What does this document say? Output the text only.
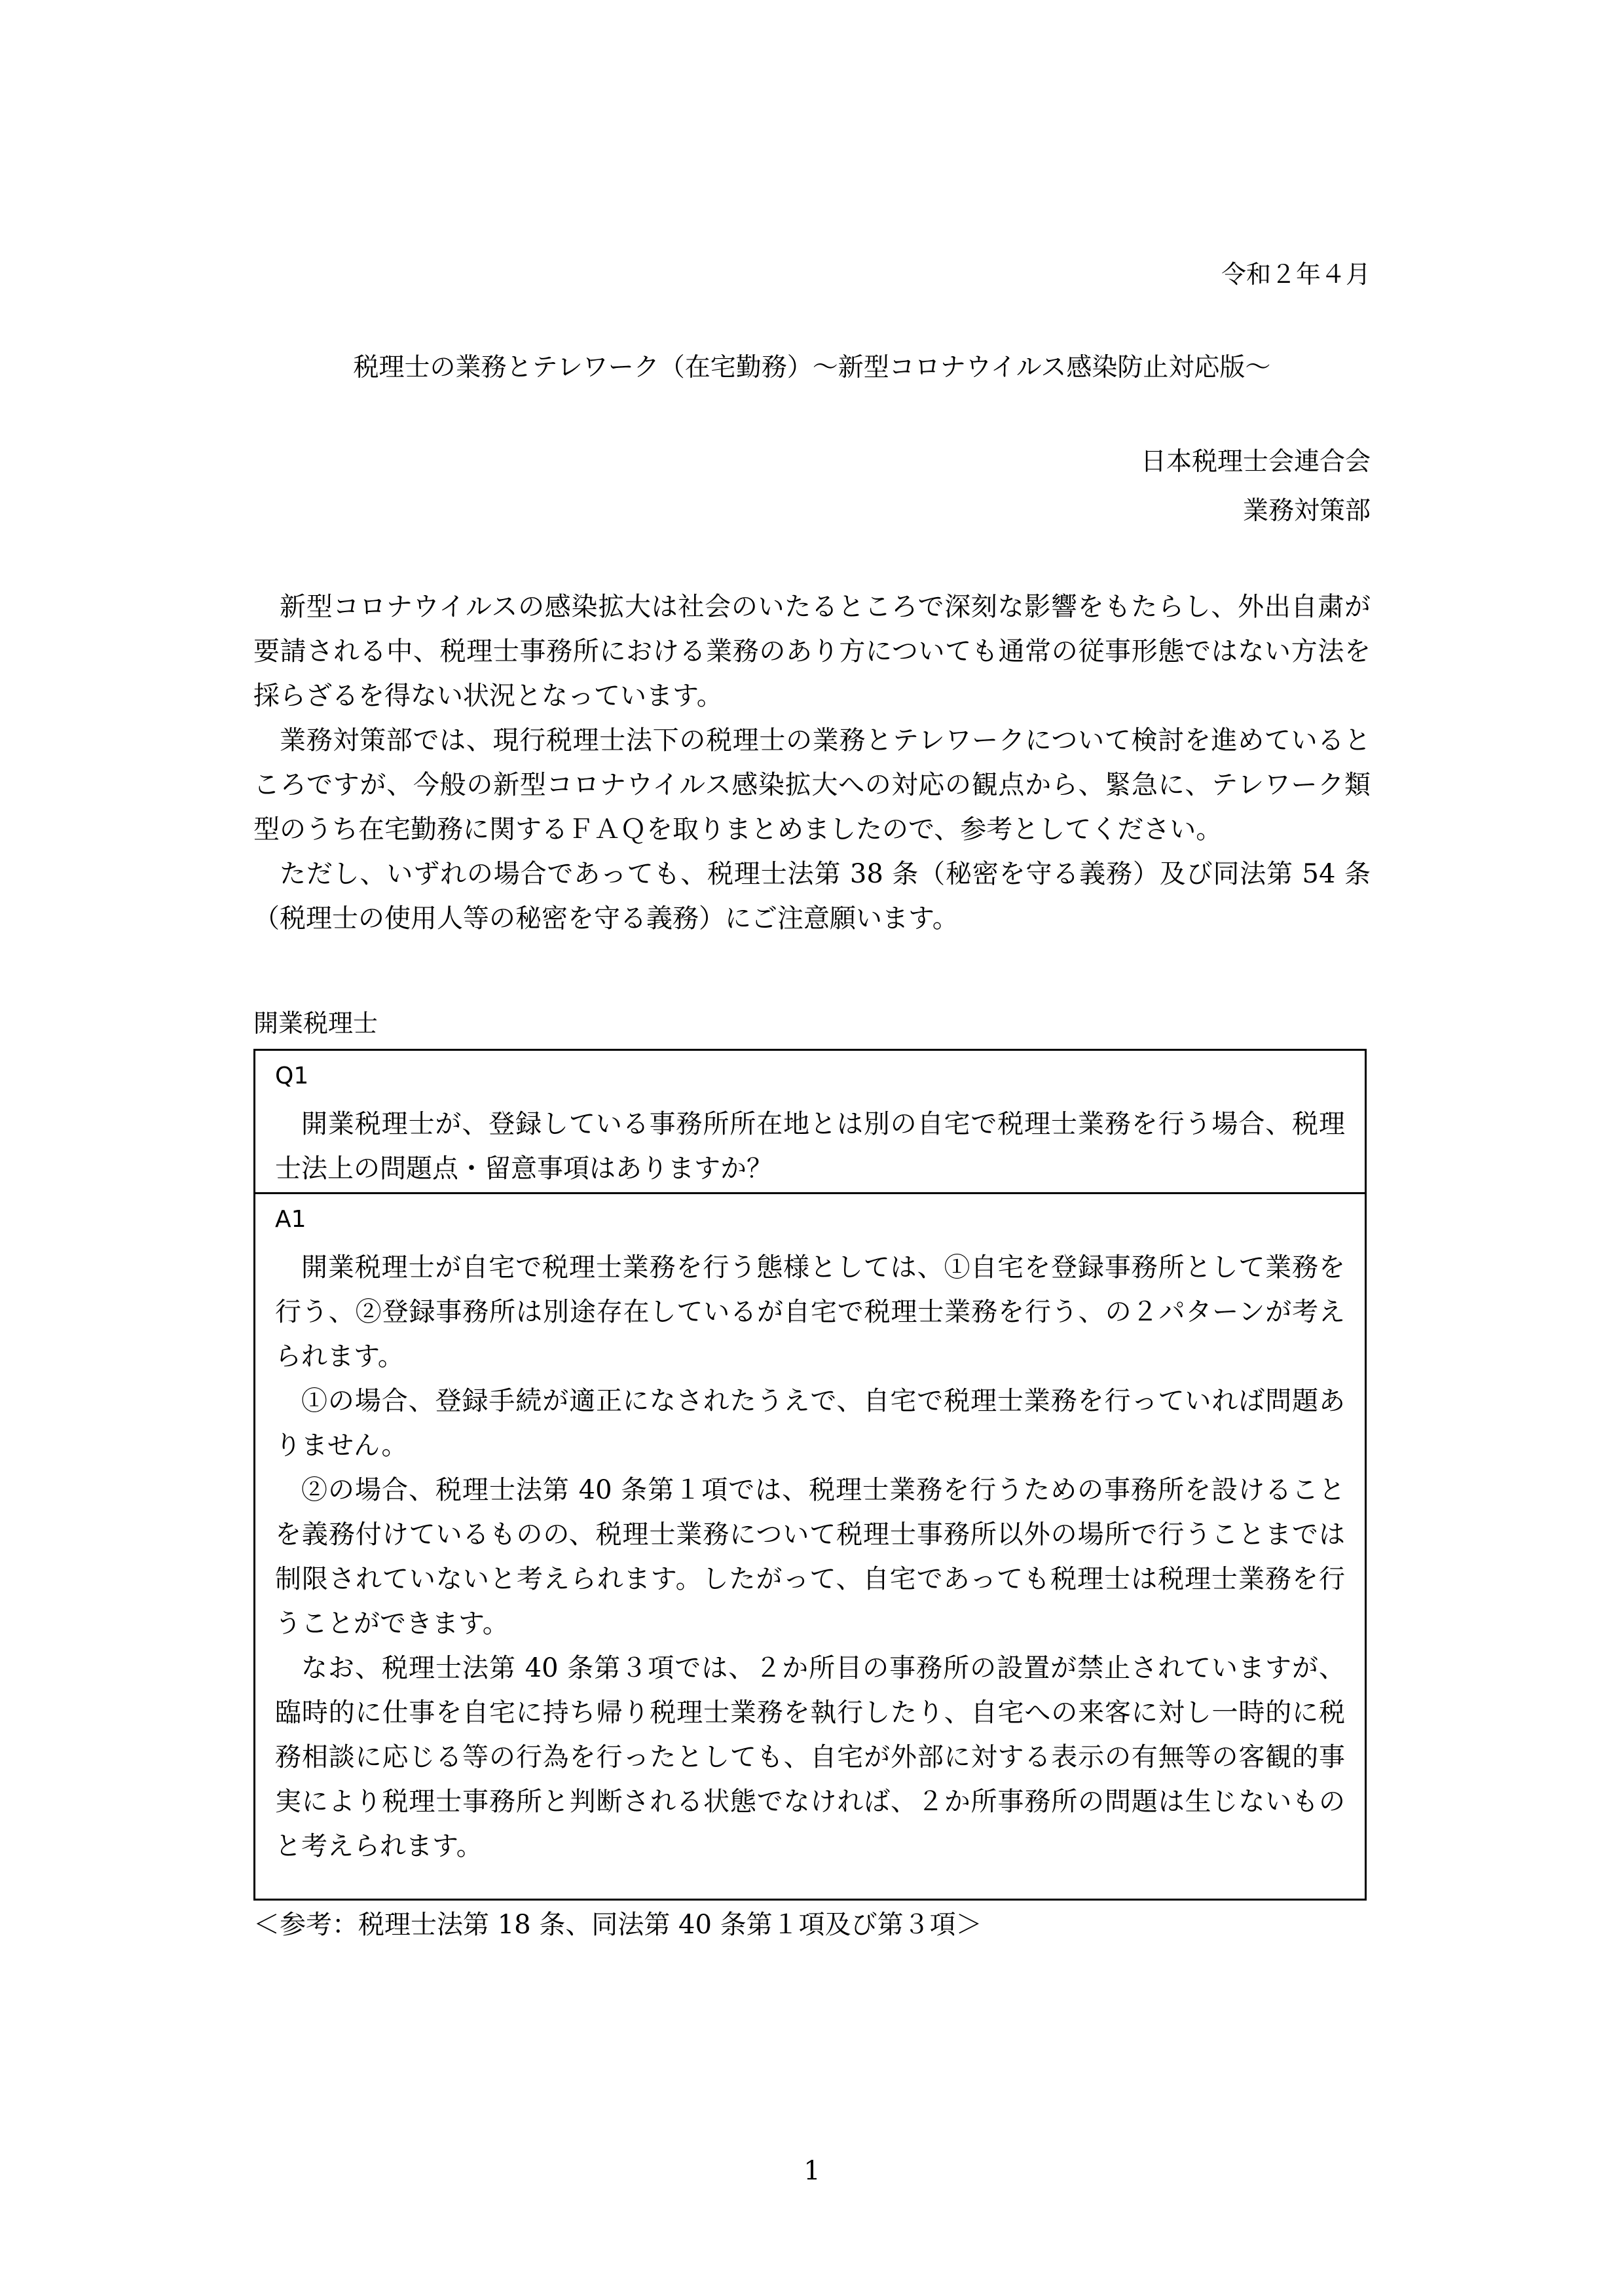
令和２年４月
税理士の業務とテレワーク（在宅勤務）～新型コロナウイルス感染防止対応版～
日本税理士会連合会
業務対策部

新型コロナウイルスの感染拡大は社会のいたるところで深刻な影響をもたらし、外出自粛が要請される中、税理士事務所における業務のあり方についても通常の従事形態ではない方法を採らざるを得ない状況となっています。

業務対策部では、現行税理士法下の税理士の業務とテレワークについて検討を進めているところですが、今般の新型コロナウイルス感染拡大への対応の観点から、緊急に、テレワーク類型のうち在宅勤務に関するＦＡＱを取りまとめましたので、参考としてください。

ただし、いずれの場合であっても、税理士法第 38 条（秘密を守る義務）及び同法第 54 条（税理士の使用人等の秘密を守る義務）にご注意願います。

開業税理士
Q1

開業税理士が、登録している事務所所在地とは別の自宅で税理士業務を行う場合、税理士法上の問題点・留意事項はありますか？

A1

開業税理士が自宅で税理士業務を行う態様としては、①自宅を登録事務所として業務を行う、②登録事務所は別途存在しているが自宅で税理士業務を行う、の２パターンが考えられます。

①の場合、登録手続が適正になされたうえで、自宅で税理士業務を行っていれば問題ありません。

②の場合、税理士法第 40 条第１項では、税理士業務を行うための事務所を設けることを義務付けているものの、税理士業務について税理士事務所以外の場所で行うことまでは制限されていないと考えられます。したがって、自宅であっても税理士は税理士業務を行うことができます。

なお、税理士法第 40 条第３項では、２か所目の事務所の設置が禁止されていますが、臨時的に仕事を自宅に持ち帰り税理士業務を執行したり、自宅への来客に対し一時的に税務相談に応じる等の行為を行ったとしても、自宅が外部に対する表示の有無等の客観的事実により税理士事務所と判断される状態でなければ、２か所事務所の問題は生じないものと考えられます。

＜参考：税理士法第 18 条、同法第 40 条第１項及び第３項＞
1
